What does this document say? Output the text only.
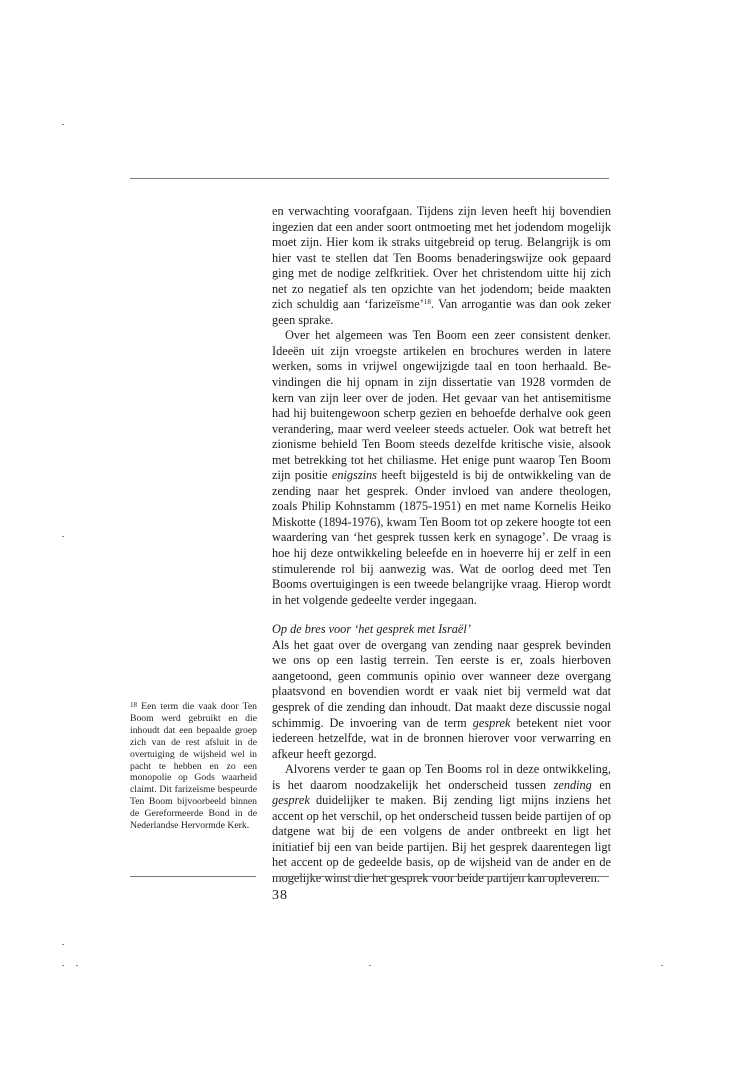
en verwachting voorafgaan. Tijdens zijn leven heeft hij bovendien ingezien dat een ander soort ontmoeting met het jodendom mogelijk moet zijn. Hier kom ik straks uitgebreid op terug. Belangrijk is om hier vast te stellen dat Ten Booms benaderingswijze ook gepaard ging met de nodige zelfkritiek. Over het christendom uitte hij zich net zo negatief als ten opzichte van het jodendom; beide maakten zich schuldig aan ‘farizeïsme’$^{18}$. Van arrogantie was dan ook zeker geen sprake.

Over het algemeen was Ten Boom een zeer consistent denker. Ideeën uit zijn vroegste artikelen en brochures werden in latere werken, soms in vrijwel ongewijzigde taal en toon herhaald. Bevindingen die hij opnam in zijn dissertatie van 1928 vormden de kern van zijn leer over de joden. Het gevaar van het antisemitisme had hij buitengewoon scherp gezien en behoefde derhalve ook geen verandering, maar werd veeleer steeds actueler. Ook wat betreft het zionisme behield Ten Boom steeds dezelfde kritische visie, alsook met betrekking tot het chiliasme. Het enige punt waarop Ten Boom zijn positie enigszins heeft bijgesteld is bij de ontwikkeling van de zending naar het gesprek. Onder invloed van andere theologen, zoals Philip Kohnstamm (1875-1951) en met name Kornelis Heiko Miskotte (1894-1976), kwam Ten Boom tot op zekere hoogte tot een waardering van ‘het gesprek tussen kerk en synagoge’. De vraag is hoe hij deze ontwikkeling beleefde en in hoeverre hij er zelf in een stimulerende rol bij aanwezig was. Wat de oorlog deed met Ten Booms overtuigingen is een tweede belangrijke vraag. Hierop wordt in het volgende gedeelte verder ingegaan.

Op de bres voor ‘het gesprek met Israël’

Als het gaat over de overgang van zending naar gesprek bevinden we ons op een lastig terrein. Ten eerste is er, zoals hierboven aangetoond, geen communis opinio over wanneer deze overgang plaatsvond en bovendien wordt er vaak niet bij vermeld wat dat gesprek of die zending dan inhoudt. Dat maakt deze discussie nogal schimmig. De invoering van de term gesprek betekent niet voor iedereen hetzelfde, wat in de bronnen hierover voor verwarring en afkeur heeft gezorgd.

Alvorens verder te gaan op Ten Booms rol in deze ontwikkeling, is het daarom noodzakelijk het onderscheid tussen zending en gesprek duidelijker te maken. Bij zending ligt mijns inziens het accent op het verschil, op het onderscheid tussen beide partijen of op datgene wat bij de een volgens de ander ontbreekt en ligt het initiatief bij een van beide partijen. Bij het gesprek daarentegen ligt het accent op de gedeelde basis, op de wijsheid van de ander en de mogelijke winst die het gesprek voor beide partijen kan opleveren.

$^{18}$ Een term die vaak door Ten Boom werd gebruikt en die inhoudt dat een bepaalde groep zich van de rest afsluit in de overtuiging de wijsheid wel in pacht te hebben en zo een monopolie op Gods waarheid claimt. Dit farizeïsme bespeurde Ten Boom bijvoorbeeld binnen de Gereformeerde Bond in de Nederlandse Hervormde Kerk.
38
